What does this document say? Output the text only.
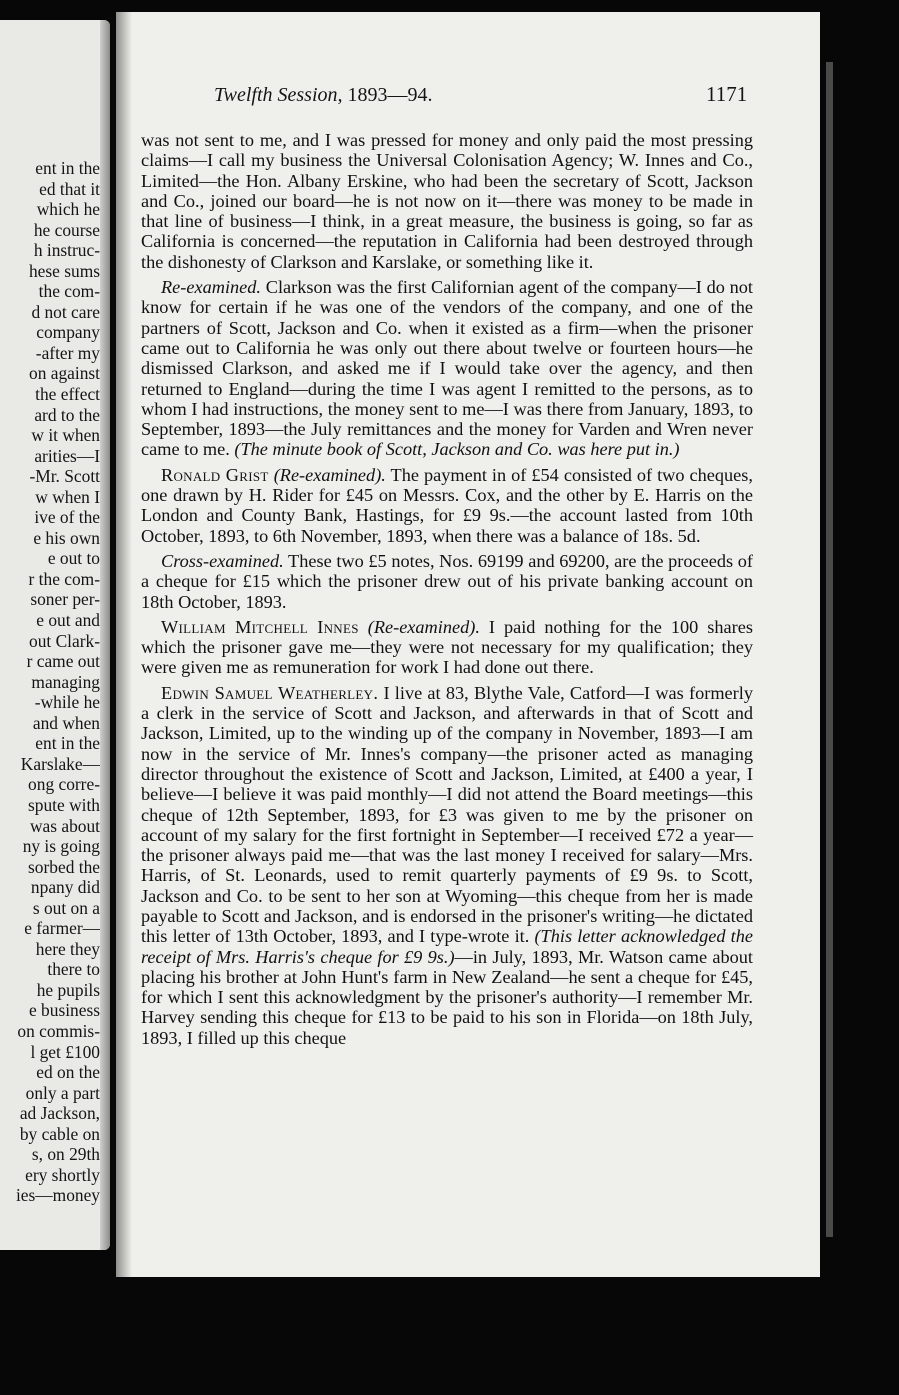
ent in the
ed that it
which he
he course
h instruc-
hese sums
the com-
d not care
company
-after my
on against
the effect
ard to the
w it when
arities—I
-Mr. Scott
w when I
ive of the
e his own
e out to
r the com-
soner per-
e out and
out Clark-
r came out
managing
-while he
and when
ent in the
Karslake—
ong corre-
spute with
was about
ny is going
sorbed the
npany did
s out on a
e farmer—
here they
there to
he pupils
e business
on commis-
l get £100
ed on the
only a part
ad Jackson,
by cable on
s, on 29th
ery shortly
ies—money
Twelfth Session, 1893—94.	1171

was not sent to me, and I was pressed for money and only paid the most pressing claims—I call my business the Universal Colonisation Agency; W. Innes and Co., Limited—the Hon. Albany Erskine, who had been the secretary of Scott, Jackson and Co., joined our board—he is not now on it—there was money to be made in that line of business—I think, in a great measure, the business is going, so far as California is concerned—the reputation in California had been destroyed through the dishonesty of Clarkson and Karslake, or something like it.

Re-examined. Clarkson was the first Californian agent of the company—I do not know for certain if he was one of the vendors of the company, and one of the partners of Scott, Jackson and Co. when it existed as a firm—when the prisoner came out to California he was only out there about twelve or fourteen hours—he dismissed Clarkson, and asked me if I would take over the agency, and then returned to England—during the time I was agent I remitted to the persons, as to whom I had instructions, the money sent to me—I was there from January, 1893, to September, 1893—the July remittances and the money for Varden and Wren never came to me. (The minute book of Scott, Jackson and Co. was here put in.)

Ronald Grist (Re-examined). The payment in of £54 consisted of two cheques, one drawn by H. Rider for £45 on Messrs. Cox, and the other by E. Harris on the London and County Bank, Hastings, for £9 9s.—the account lasted from 10th October, 1893, to 6th November, 1893, when there was a balance of 18s. 5d.

Cross-examined. These two £5 notes, Nos. 69199 and 69200, are the proceeds of a cheque for £15 which the prisoner drew out of his private banking account on 18th October, 1893.

William Mitchell Innes (Re-examined). I paid nothing for the 100 shares which the prisoner gave me—they were not necessary for my qualification; they were given me as remuneration for work I had done out there.

Edwin Samuel Weatherley. I live at 83, Blythe Vale, Catford—I was formerly a clerk in the service of Scott and Jackson, and afterwards in that of Scott and Jackson, Limited, up to the winding up of the company in November, 1893—I am now in the service of Mr. Innes's company—the prisoner acted as managing director throughout the existence of Scott and Jackson, Limited, at £400 a year, I believe—I believe it was paid monthly—I did not attend the Board meetings—this cheque of 12th September, 1893, for £3 was given to me by the prisoner on account of my salary for the first fortnight in September—I received £72 a year—the prisoner always paid me—that was the last money I received for salary—Mrs. Harris, of St. Leonards, used to remit quarterly payments of £9 9s. to Scott, Jackson and Co. to be sent to her son at Wyoming—this cheque from her is made payable to Scott and Jackson, and is endorsed in the prisoner's writing—he dictated this letter of 13th October, 1893, and I type-wrote it. (This letter acknowledged the receipt of Mrs. Harris's cheque for £9 9s.)—in July, 1893, Mr. Watson came about placing his brother at John Hunt's farm in New Zealand—he sent a cheque for £45, for which I sent this acknowledgment by the prisoner's authority—I remember Mr. Harvey sending this cheque for £13 to be paid to his son in Florida—on 18th July, 1893, I filled up this cheque
